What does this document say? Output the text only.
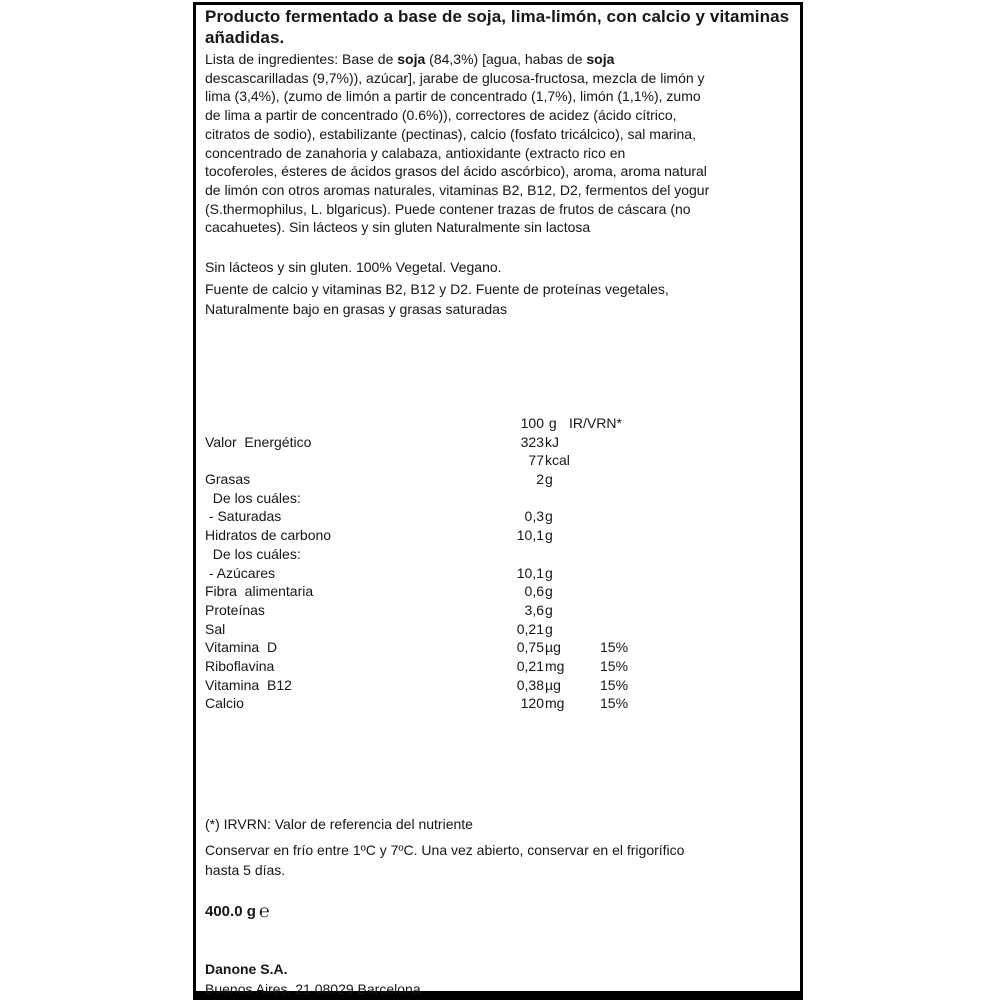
Producto fermentado a base de soja, lima-limón, con calcio y vitaminas añadidas.
Lista de ingredientes: Base de soja (84,3%) [agua, habas de soja
descascarilladas (9,7%)), azúcar], jarabe de glucosa-fructosa, mezcla de limón y
lima (3,4%), (zumo de limón a partir de concentrado (1,7%), limón (1,1%), zumo
de lima a partir de concentrado (0.6%)), correctores de acidez (ácido cítrico,
citratos de sodio), estabilizante (pectinas), calcio (fosfato tricálcico), sal marina,
concentrado de zanahoria y calabaza, antioxidante (extracto rico en
tocoferoles, ésteres de ácidos grasos del ácido ascórbico), aroma, aroma natural
de limón con otros aromas naturales, vitaminas B2, B12, D2, fermentos del yogur
(S.thermophilus, L. blgaricus). Puede contener trazas de frutos de cáscara (no
cacahuetes). Sin lácteos y sin gluten Naturalmente sin lactosa
Sin lácteos y sin gluten. 100% Vegetal. Vegano.
Fuente de calcio y vitaminas B2, B12 y D2. Fuente de proteínas vegetales,
Naturalmente bajo en grasas y grasas saturadas
100 g IR/VRN*
Valor  Energético	323 kJ
77 kcal
Grasas	2 g
De los cuáles:
- Saturadas	0,3 g
Hidratos de carbono	10,1 g
De los cuáles:
- Azúcares	10,1 g
Fibra  alimentaria	0,6 g
Proteínas	3,6 g
Sal	0,21 g
Vitamina  D	0,75 µg	15%
Riboflavina	0,21 mg	15%
Vitamina  B12	0,38 µg	15%
Calcio	120 mg	15%
(*) IRVRN: Valor de referencia del nutriente
Conservar en frío entre 1ºC y 7ºC. Una vez abierto, conservar en el frigorífico
hasta 5 días.
400.0 g ℮
Danone S.A.
Buenos Aires, 21 08029 Barcelona
